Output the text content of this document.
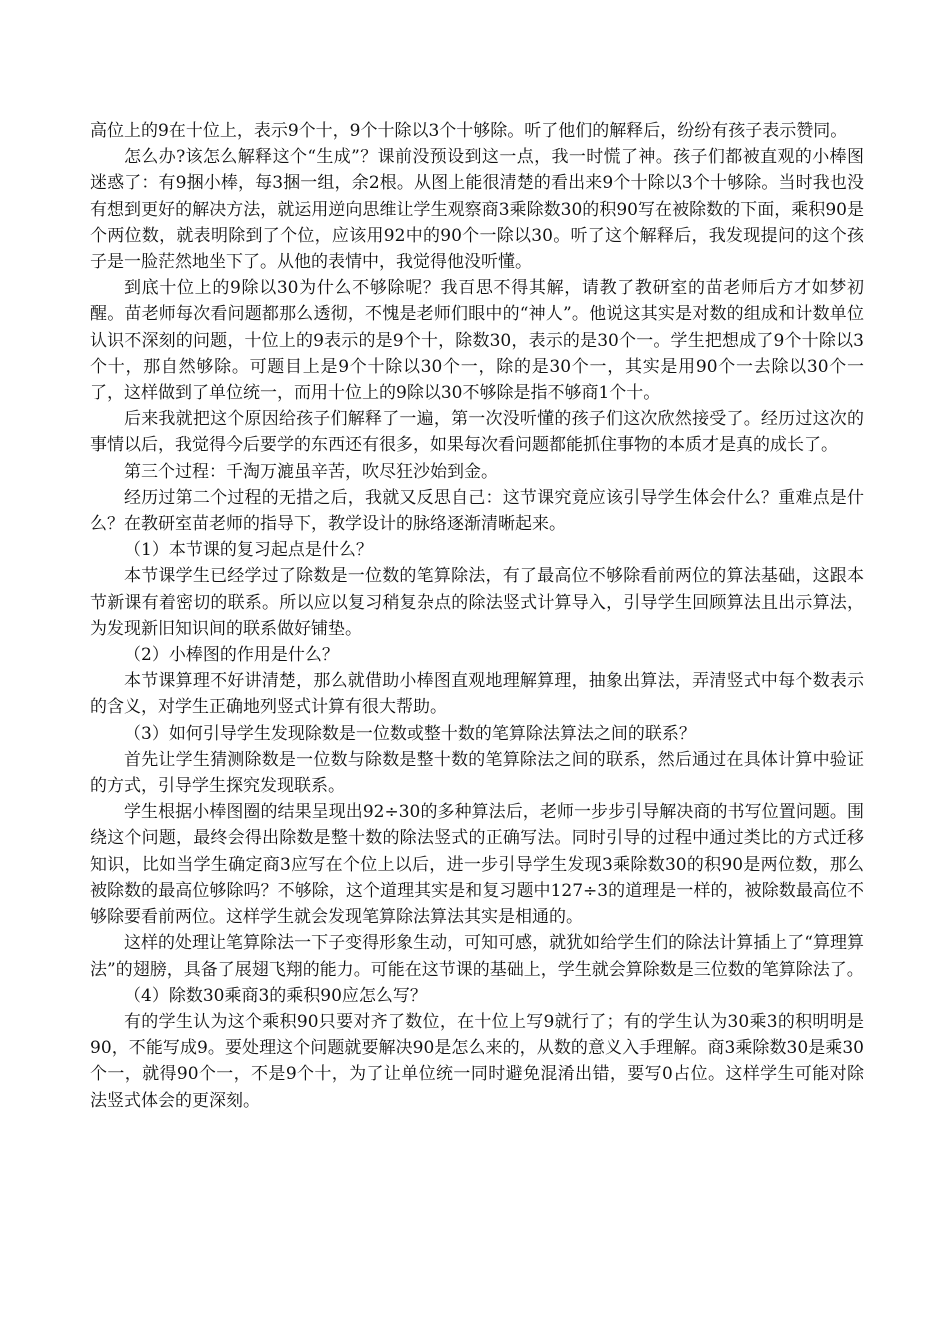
高位上的9在十位上，表示9个十，9个十除以3个十够除。听了他们的解释后，纷纷有孩子表示赞同。

怎么办?该怎么解释这个“生成”？课前没预设到这一点，我一时慌了神。孩子们都被直观的小棒图迷惑了：有9捆小棒，每3捆一组，余2根。从图上能很清楚的看出来9个十除以3个十够除。当时我也没有想到更好的解决方法，就运用逆向思维让学生观察商3乘除数30的积90写在被除数的下面，乘积90是个两位数，就表明除到了个位，应该用92中的90个一除以30。听了这个解释后，我发现提问的这个孩子是一脸茫然地坐下了。从他的表情中，我觉得他没听懂。

到底十位上的9除以30为什么不够除呢？我百思不得其解，请教了教研室的苗老师后方才如梦初醒。苗老师每次看问题都那么透彻，不愧是老师们眼中的“神人”。他说这其实是对数的组成和计数单位认识不深刻的问题，十位上的9表示的是9个十，除数30，表示的是30个一。学生把想成了9个十除以3个十，那自然够除。可题目上是9个十除以30个一，除的是30个一，其实是用90个一去除以30个一了，这样做到了单位统一，而用十位上的9除以30不够除是指不够商1个十。

后来我就把这个原因给孩子们解释了一遍，第一次没听懂的孩子们这次欣然接受了。经历过这次的事情以后，我觉得今后要学的东西还有很多，如果每次看问题都能抓住事物的本质才是真的成长了。

第三个过程：千淘万漉虽辛苦，吹尽狂沙始到金。

经历过第二个过程的无措之后，我就又反思自己：这节课究竟应该引导学生体会什么？重难点是什么？在教研室苗老师的指导下，教学设计的脉络逐渐清晰起来。

（1）本节课的复习起点是什么？

本节课学生已经学过了除数是一位数的笔算除法，有了最高位不够除看前两位的算法基础，这跟本节新课有着密切的联系。所以应以复习稍复杂点的除法竖式计算导入，引导学生回顾算法且出示算法，为发现新旧知识间的联系做好铺垫。

（2）小棒图的作用是什么？

本节课算理不好讲清楚，那么就借助小棒图直观地理解算理，抽象出算法，弄清竖式中每个数表示的含义，对学生正确地列竖式计算有很大帮助。

（3）如何引导学生发现除数是一位数或整十数的笔算除法算法之间的联系？

首先让学生猜测除数是一位数与除数是整十数的笔算除法之间的联系，然后通过在具体计算中验证的方式，引导学生探究发现联系。

学生根据小棒图圈的结果呈现出92÷30的多种算法后，老师一步步引导解决商的书写位置问题。围绕这个问题，最终会得出除数是整十数的除法竖式的正确写法。同时引导的过程中通过类比的方式迁移知识，比如当学生确定商3应写在个位上以后，进一步引导学生发现3乘除数30的积90是两位数，那么被除数的最高位够除吗？不够除，这个道理其实是和复习题中127÷3的道理是一样的，被除数最高位不够除要看前两位。这样学生就会发现笔算除法算法其实是相通的。

这样的处理让笔算除法一下子变得形象生动，可知可感，就犹如给学生们的除法计算插上了“算理算法”的翅膀，具备了展翅飞翔的能力。可能在这节课的基础上，学生就会算除数是三位数的笔算除法了。

（4）除数30乘商3的乘积90应怎么写？

有的学生认为这个乘积90只要对齐了数位，在十位上写9就行了；有的学生认为30乘3的积明明是90，不能写成9。要处理这个问题就要解决90是怎么来的，从数的意义入手理解。商3乘除数30是乘30个一，就得90个一，不是9个十，为了让单位统一同时避免混淆出错，要写0占位。这样学生可能对除法竖式体会的更深刻。
